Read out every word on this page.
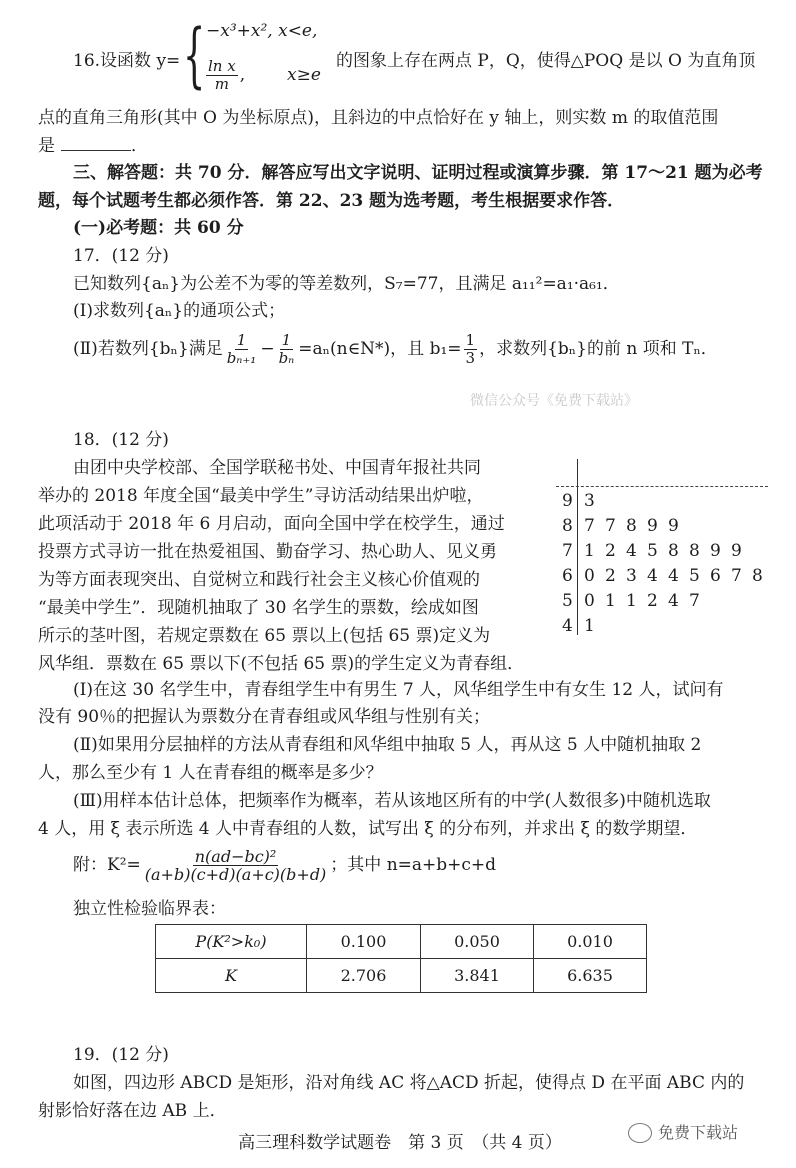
16.设函数 y= { −x³+x², x<e,
$\frac{\text{ln x}}{m}$ , x≥e
的图象上存在两点 P，Q，使得△POQ 是以 O 为直角顶
点的直角三角形(其中 O 为坐标原点)，且斜边的中点恰好在 y 轴上，则实数 m 的取值范围
是	．
三、解答题：共 70 分．解答应写出文字说明、证明过程或演算步骤．第 17～21 题为必考
题，每个试题考生都必须作答．第 22、23 题为选考题，考生根据要求作答．
(一)必考题：共 60 分
17．(12 分)
已知数列{aₙ}为公差不为零的等差数列，S₇=77，且满足 a₁₁²=a₁·a₆₁．
(Ⅰ)求数列{aₙ}的通项公式；
(Ⅱ)若数列{bₙ}满足 $\frac{1}{\text{bₙ₊₁}} - \frac{1}{\text{bₙ}}$ =aₙ(n∈N*)，且 $b_1= \frac{1}{3}$ ，求数列{bₙ}的前 n 项和 Tₙ．
微信公众号《免费下载站》
18．(12 分)
由团中央学校部、全国学联秘书处、中国青年报社共同
举办的 2018 年度全国“最美中学生”寻访活动结果出炉啦，
此项活动于 2018 年 6 月启动，面向全国中学在校学生，通过
投票方式寻访一批在热爱祖国、勤奋学习、热心助人、见义勇
为等方面表现突出、自觉树立和践行社会主义核心价值观的
“最美中学生”．现随机抽取了 30 名学生的票数，绘成如图
所示的茎叶图，若规定票数在 65 票以上(包括 65 票)定义为
风华组．票数在 65 票以下(不包括 65 票)的学生定义为青春组．
9 3
8 7 7 8 9 9
7 1 2 4 5 8 8 9 9
6 0 2 3 4 4 5 6 7 8
5 0 1 1 2 4 7
4 1
(Ⅰ)在这 30 名学生中，青春组学生中有男生 7 人，风华组学生中有女生 12 人，试问有
没有 90％的把握认为票数分在青春组或风华组与性别有关；
(Ⅱ)如果用分层抽样的方法从青春组和风华组中抽取 5 人，再从这 5 人中随机抽取 2
人，那么至少有 1 人在青春组的概率是多少？
(Ⅲ)用样本估计总体，把频率作为概率，若从该地区所有的中学(人数很多)中随机选取
4 人，用 ξ 表示所选 4 人中青春组的人数，试写出 ξ 的分布列，并求出 ξ 的数学期望．
附：$K^2= \frac{\text{n(ad−bc)²}}{(a+b)(c+d)(a+c)(b+d)}$ ；其中 n=a+b+c+d
独立性检验临界表：
P(K²>k₀)	0.100	0.050	0.010
K	2.706	3.841	6.635
19．(12 分)
如图，四边形 ABCD 是矩形，沿对角线 AC 将△ACD 折起，使得点 D 在平面 ABC 内的
射影恰好落在边 AB 上．
高三理科数学试题卷　第 3 页　（共 4 页）
免费下载站
